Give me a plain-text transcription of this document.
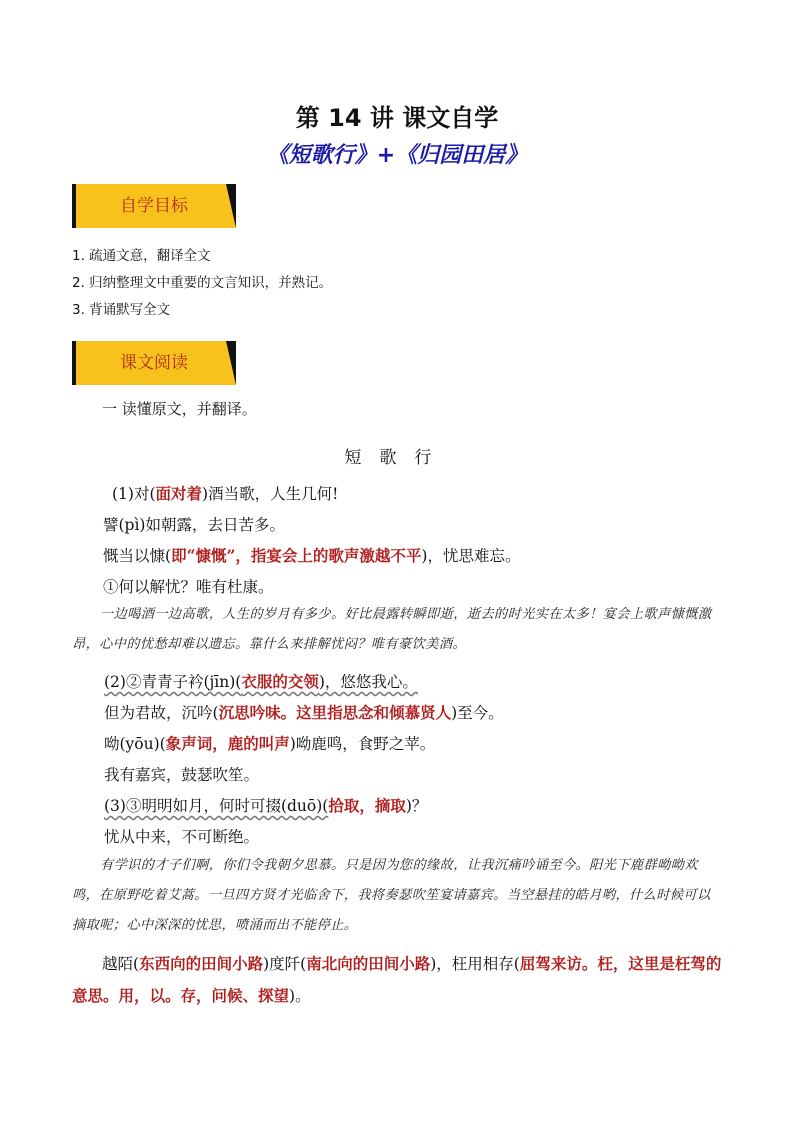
第 14 讲 课文自学
《短歌行》+《归园田居》
自学目标
1. 疏通文意，翻译全文
2. 归纳整理文中重要的文言知识，并熟记。
3. 背诵默写全文
课文阅读
一 读懂原文，并翻译。
短歌行
(1)对(面对着)酒当歌，人生几何!
譬(pì)如朝露，去日苦多。
慨当以慷(即“慷慨”，指宴会上的歌声激越不平)，忧思难忘。
①何以解忧？唯有杜康。
一边喝酒一边高歌，人生的岁月有多少。好比晨露转瞬即逝，逝去的时光实在太多！宴会上歌声慷慨激昂，心中的忧愁却难以遗忘。靠什么来排解忧闷？唯有豪饮美酒。
(2)②青青子衿(jīn)(衣服的交领)，悠悠我心。
但为君故，沉吟(沉思吟味。这里指思念和倾慕贤人)至今。
呦(yōu)(象声词，鹿的叫声)呦鹿鸣，食野之苹。
我有嘉宾，鼓瑟吹笙。
(3)③明明如月，何时可掇(duō)(拾取，摘取)？
忧从中来，不可断绝。
有学识的才子们啊，你们令我朝夕思慕。只是因为您的缘故，让我沉痛吟诵至今。阳光下鹿群呦呦欢鸣，在原野吃着艾蒿。一旦四方贤才光临舍下，我将奏瑟吹笙宴请嘉宾。当空悬挂的皓月哟，什么时候可以摘取呢；心中深深的忧思，喷涌而出不能停止。
越陌(东西向的田间小路)度阡(南北向的田间小路)，枉用相存(屈驾来访。枉，这里是枉驾的意思。用，以。存，问候、探望)。
